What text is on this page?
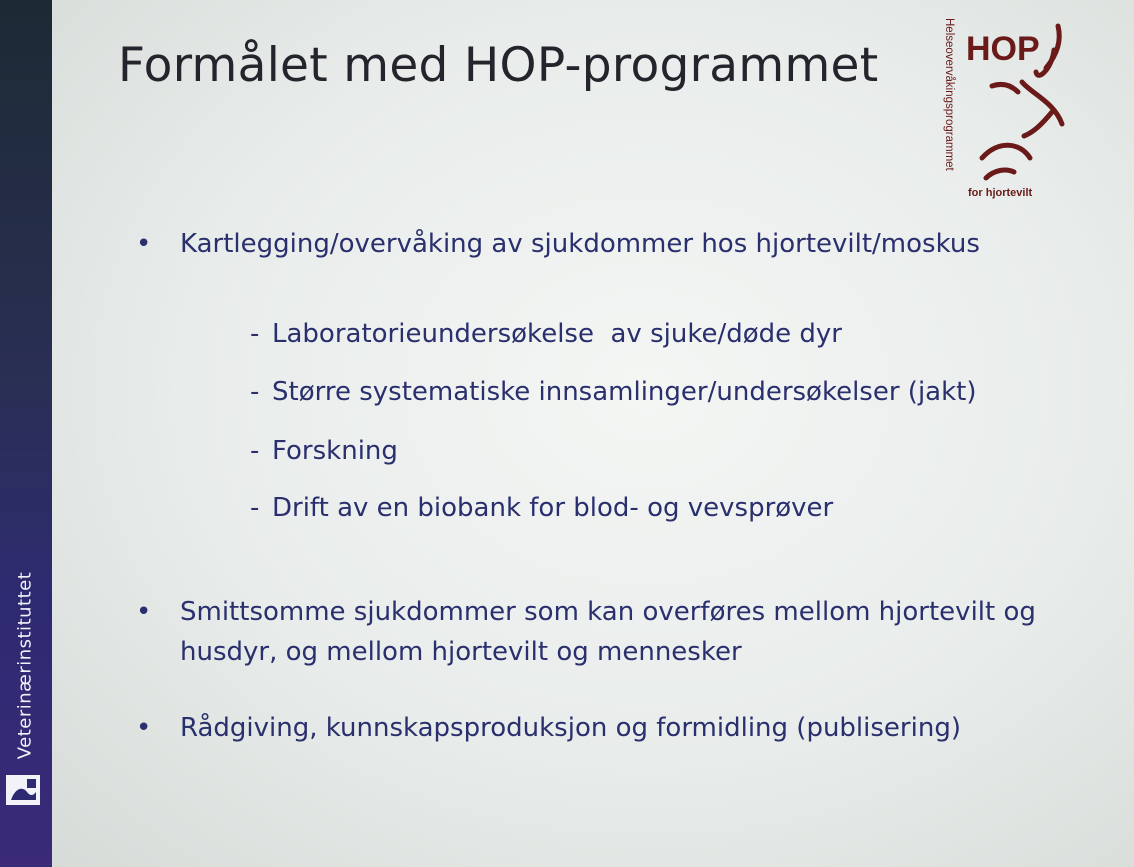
Veterinærinstituttet
Formålet med HOP-programmet	Helseovervåkingsprogrammet HOP
for hjortevilt
•	Kartlegging/overvåking av sjukdommer hos hjortevilt/moskus
- Laboratorieundersøkelse  av sjuke/døde dyr
- Større systematiske innsamlinger/undersøkelser (jakt)
- Forskning
- Drift av en biobank for blod- og vevsprøver
•	Smittsomme sjukdommer som kan overføres mellom hjortevilt og husdyr, og mellom hjortevilt og mennesker
•	Rådgiving, kunnskapsproduksjon og formidling (publisering)
